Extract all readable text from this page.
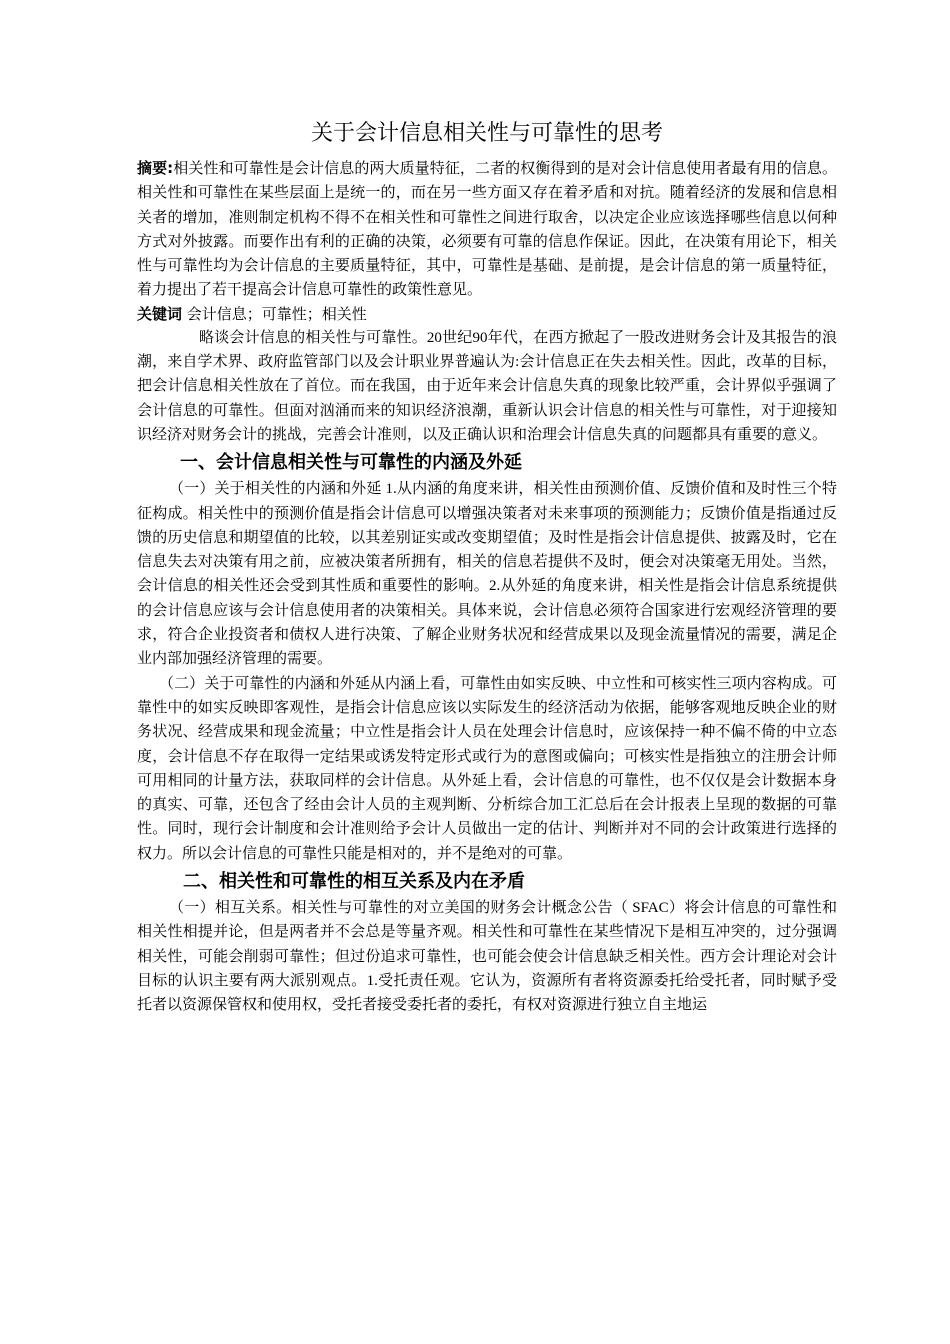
关于会计信息相关性与可靠性的思考

摘要:相关性和可靠性是会计信息的两大质量特征，二者的权衡得到的是对会计信息使用者最有用的信息。相关性和可靠性在某些层面上是统一的，而在另一些方面又存在着矛盾和对抗。随着经济的发展和信息相关者的增加，准则制定机构不得不在相关性和可靠性之间进行取舍，以决定企业应该选择哪些信息以何种方式对外披露。而要作出有利的正确的决策，必须要有可靠的信息作保证。因此，在决策有用论下，相关性与可靠性均为会计信息的主要质量特征，其中，可靠性是基础、是前提，是会计信息的第一质量特征，着力提出了若干提高会计信息可靠性的政策性意见。

关键词 会计信息；可靠性；相关性

略谈会计信息的相关性与可靠性。20世纪90年代，在西方掀起了一股改进财务会计及其报告的浪潮，来自学术界、政府监管部门以及会计职业界普遍认为:会计信息正在失去相关性。因此，改革的目标，把会计信息相关性放在了首位。而在我国，由于近年来会计信息失真的现象比较严重，会计界似乎强调了会计信息的可靠性。但面对汹涌而来的知识经济浪潮，重新认识会计信息的相关性与可靠性，对于迎接知识经济对财务会计的挑战，完善会计准则，以及正确认识和治理会计信息失真的问题都具有重要的意义。

一、会计信息相关性与可靠性的内涵及外延

（一）关于相关性的内涵和外延 1.从内涵的角度来讲，相关性由预测价值、反馈价值和及时性三个特征构成。相关性中的预测价值是指会计信息可以增强决策者对未来事项的预测能力；反馈价值是指通过反馈的历史信息和期望值的比较，以其差别证实或改变期望值；及时性是指会计信息提供、披露及时，它在信息失去对决策有用之前，应被决策者所拥有，相关的信息若提供不及时，便会对决策毫无用处。当然，会计信息的相关性还会受到其性质和重要性的影响。2.从外延的角度来讲，相关性是指会计信息系统提供的会计信息应该与会计信息使用者的决策相关。具体来说，会计信息必须符合国家进行宏观经济管理的要求，符合企业投资者和债权人进行决策、了解企业财务状况和经营成果以及现金流量情况的需要，满足企业内部加强经济管理的需要。

（二）关于可靠性的内涵和外延从内涵上看，可靠性由如实反映、中立性和可核实性三项内容构成。可靠性中的如实反映即客观性，是指会计信息应该以实际发生的经济活动为依据，能够客观地反映企业的财务状况、经营成果和现金流量；中立性是指会计人员在处理会计信息时，应该保持一种不偏不倚的中立态度，会计信息不存在取得一定结果或诱发特定形式或行为的意图或偏向；可核实性是指独立的注册会计师可用相同的计量方法，获取同样的会计信息。从外延上看，会计信息的可靠性，也不仅仅是会计数据本身的真实、可靠，还包含了经由会计人员的主观判断、分析综合加工汇总后在会计报表上呈现的数据的可靠性。同时，现行会计制度和会计准则给予会计人员做出一定的估计、判断并对不同的会计政策进行选择的权力。所以会计信息的可靠性只能是相对的，并不是绝对的可靠。

二、相关性和可靠性的相互关系及内在矛盾

（一）相互关系。相关性与可靠性的对立美国的财务会计概念公告（ SFAC）将会计信息的可靠性和相关性相提并论，但是两者并不会总是等量齐观。相关性和可靠性在某些情况下是相互冲突的，过分强调相关性，可能会削弱可靠性；但过份追求可靠性，也可能会使会计信息缺乏相关性。西方会计理论对会计目标的认识主要有两大派别观点。1.受托责任观。它认为，资源所有者将资源委托给受托者，同时赋予受托者以资源保管权和使用权，受托者接受委托者的委托，有权对资源进行独立自主地运
